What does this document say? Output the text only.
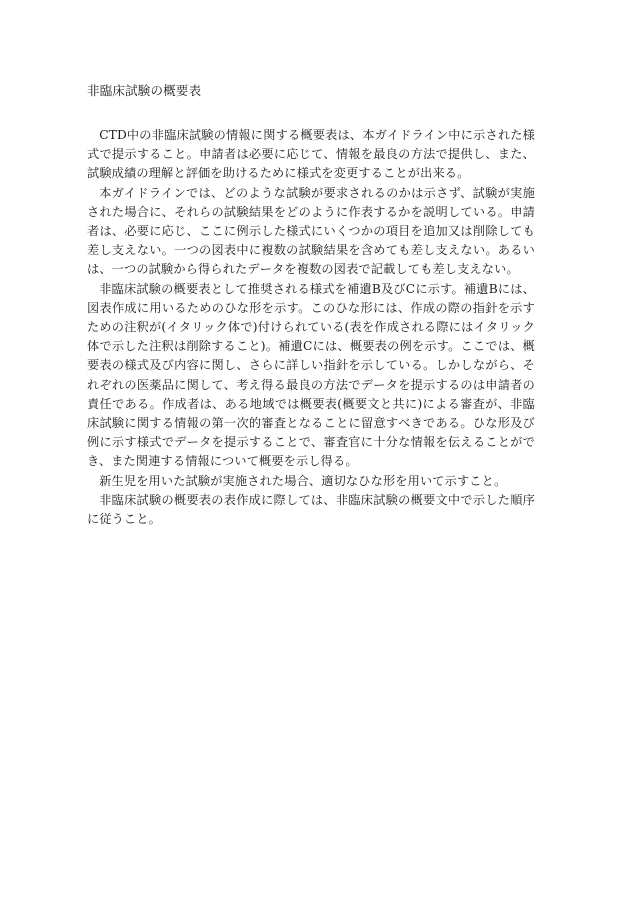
非臨床試験の概要表

CTD中の非臨床試験の情報に関する概要表は、本ガイドライン中に示された様式で提示すること。申請者は必要に応じて、情報を最良の方法で提供し、また、試験成績の理解と評価を助けるために様式を変更することが出来る。

本ガイドラインでは、どのような試験が要求されるのかは示さず、試験が実施された場合に、それらの試験結果をどのように作表するかを説明している。申請者は、必要に応じ、ここに例示した様式にいくつかの項目を追加又は削除しても差し支えない。一つの図表中に複数の試験結果を含めても差し支えない。あるいは、一つの試験から得られたデータを複数の図表で記載しても差し支えない。

非臨床試験の概要表として推奨される様式を補遺B及びCに示す。補遺Bには、図表作成に用いるためのひな形を示す。このひな形には、作成の際の指針を示すための注釈が(イタリック体で)付けられている(表を作成される際にはイタリック体で示した注釈は削除すること)。補遺Cには、概要表の例を示す。ここでは、概要表の様式及び内容に関し、さらに詳しい指針を示している。しかしながら、それぞれの医薬品に関して、考え得る最良の方法でデータを提示するのは申請者の責任である。作成者は、ある地域では概要表(概要文と共に)による審査が、非臨床試験に関する情報の第一次的審査となることに留意すべきである。ひな形及び例に示す様式でデータを提示することで、審査官に十分な情報を伝えることができ、また関連する情報について概要を示し得る。

新生児を用いた試験が実施された場合、適切なひな形を用いて示すこと。

非臨床試験の概要表の表作成に際しては、非臨床試験の概要文中で示した順序に従うこと。
